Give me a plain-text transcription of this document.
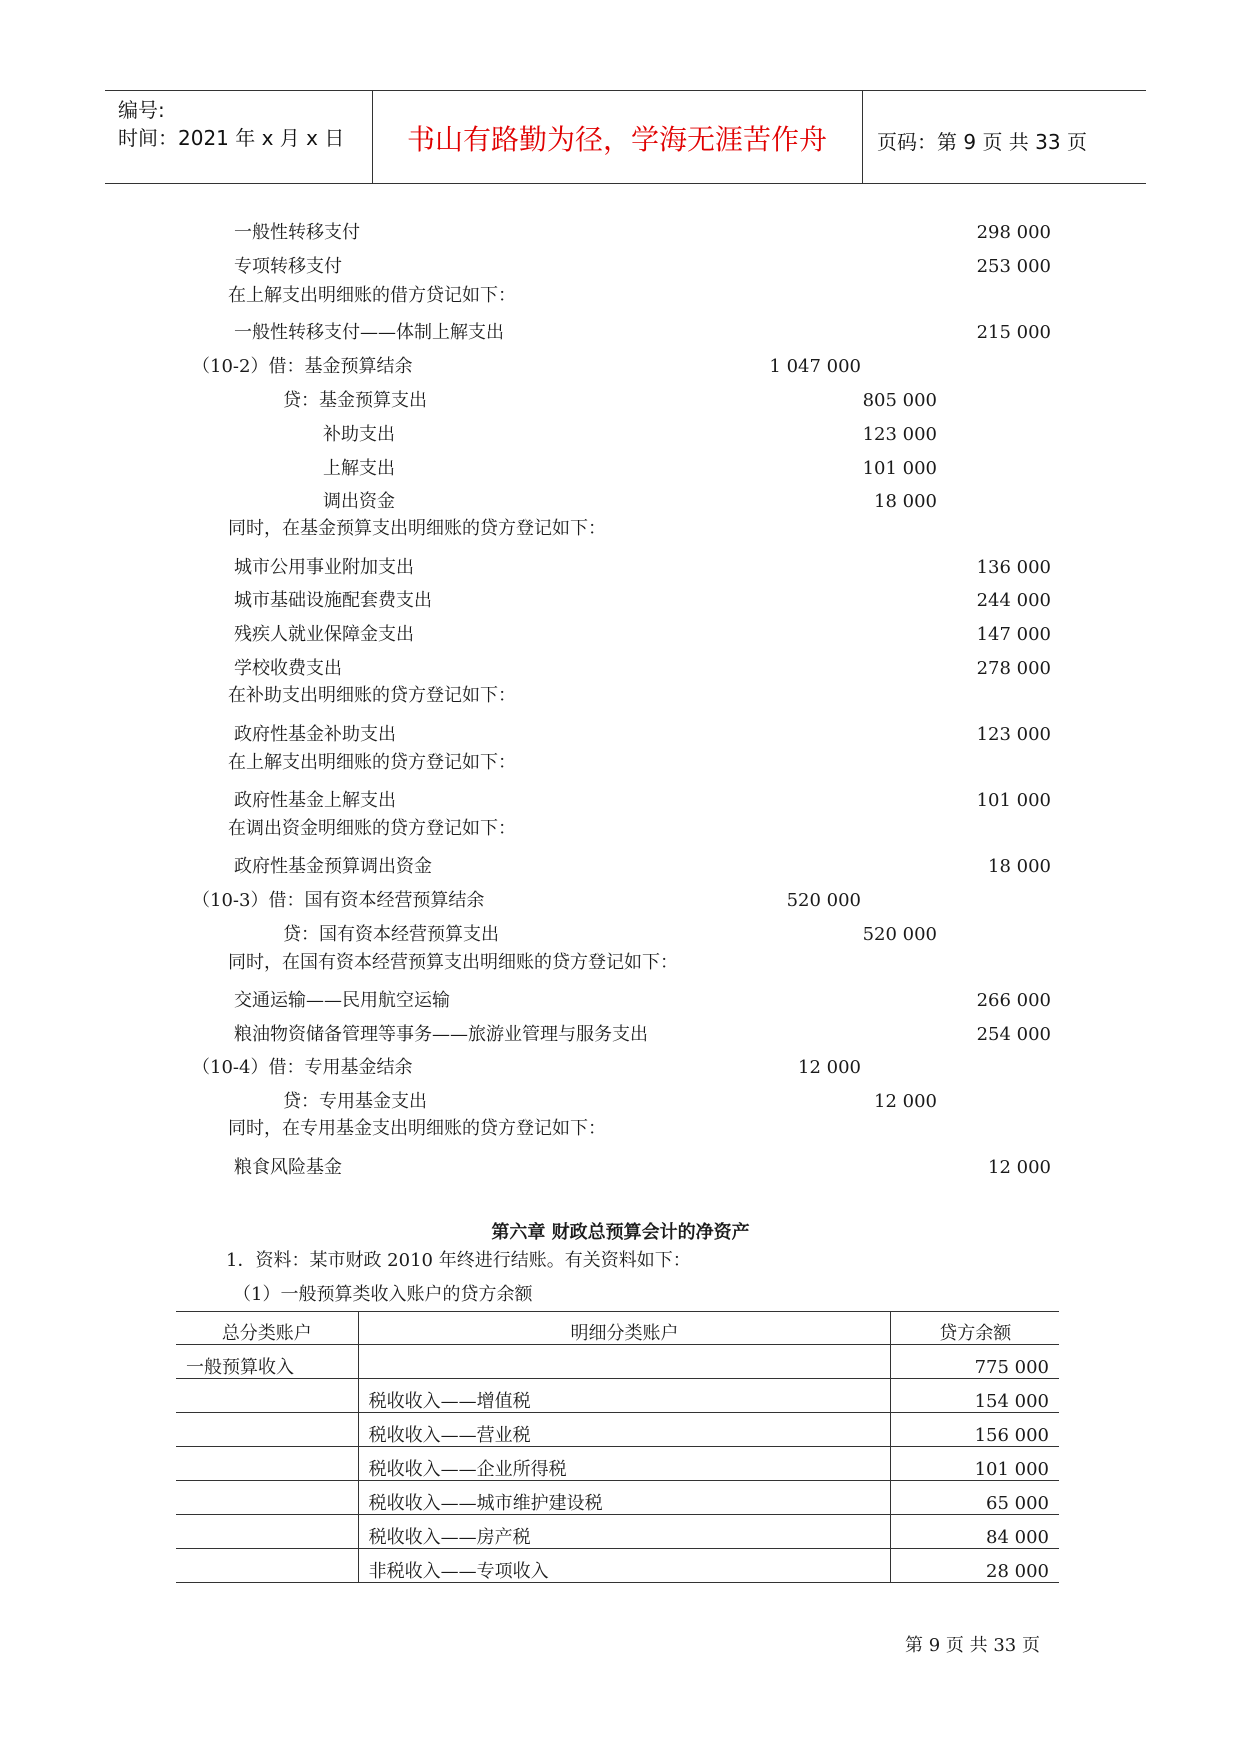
编号:
时间：2021 年 x 月 x 日	书山有路勤为径，学海无涯苦作舟	页码：第 9 页 共 33 页
一般性转移支付	298 000
专项转移支付	253 000
在上解支出明细账的借方贷记如下：
一般性转移支付——体制上解支出	215 000
（10-2）借：基金预算结余	1 047 000
贷：基金预算支出	805 000
补助支出	123 000
上解支出	101 000
调出资金	18 000
同时，在基金预算支出明细账的贷方登记如下：
城市公用事业附加支出	136 000
城市基础设施配套费支出	244 000
残疾人就业保障金支出	147 000
学校收费支出	278 000
在补助支出明细账的贷方登记如下：
政府性基金补助支出	123 000
在上解支出明细账的贷方登记如下：
政府性基金上解支出	101 000
在调出资金明细账的贷方登记如下：
政府性基金预算调出资金	18 000
（10-3）借：国有资本经营预算结余	520 000
贷：国有资本经营预算支出	520 000
同时，在国有资本经营预算支出明细账的贷方登记如下：
交通运输——民用航空运输	266 000
粮油物资储备管理等事务——旅游业管理与服务支出	254 000
（10-4）借：专用基金结余	12 000
贷：专用基金支出	12 000
同时，在专用基金支出明细账的贷方登记如下：
粮食风险基金	12 000
第六章 财政总预算会计的净资产
1．资料：某市财政 2010 年终进行结账。有关资料如下：
（1）一般预算类收入账户的贷方余额
总分类账户	明细分类账户	贷方余额
一般预算收入		775 000
	税收收入——增值税	154 000
	税收收入——营业税	156 000
	税收收入——企业所得税	101 000
	税收收入——城市维护建设税	65 000
	税收收入——房产税	84 000
	非税收入——专项收入	28 000
第 9 页 共 33 页
